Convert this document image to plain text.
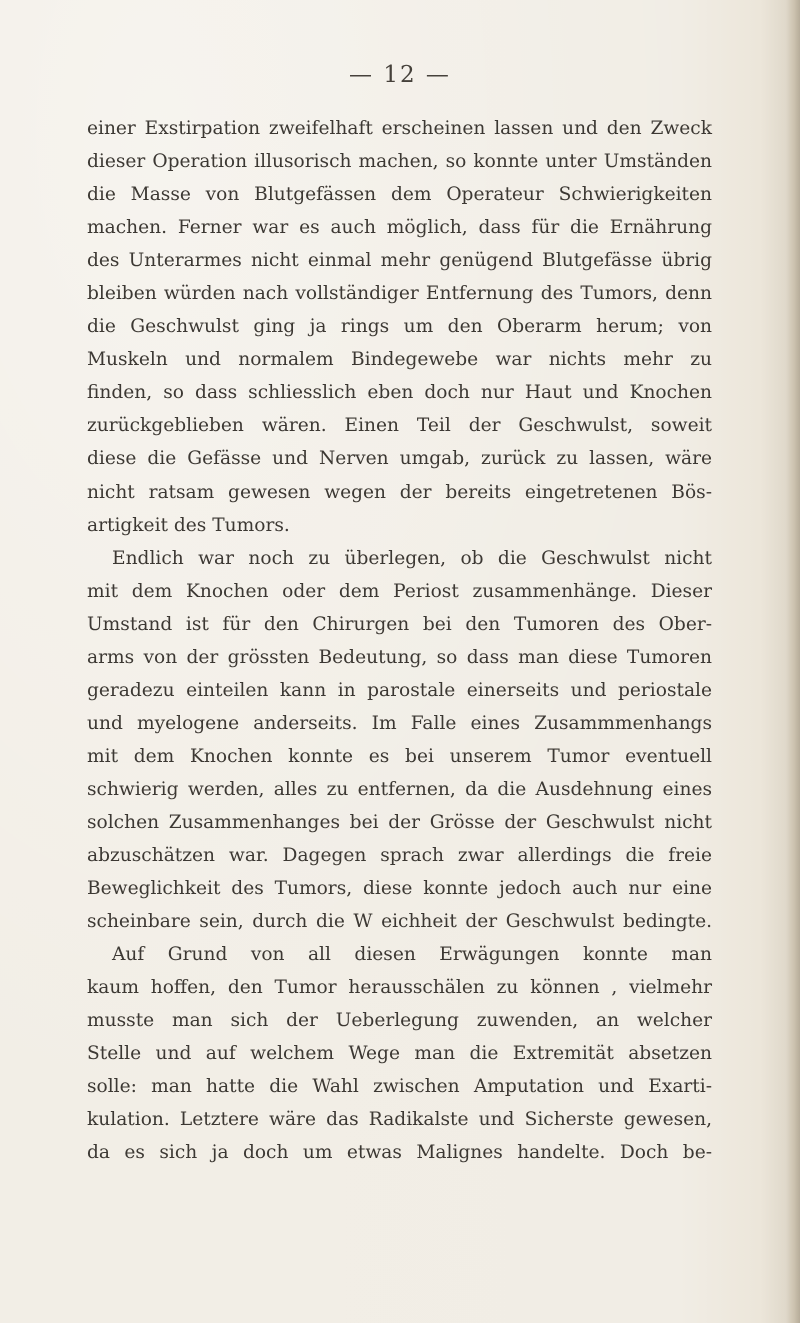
— 12 —
einer Exstirpation zweifelhaft erscheinen lassen und den Zweck
dieser Operation illusorisch machen, so konnte unter Umständen
die Masse von Blutgefässen dem Operateur Schwierigkeiten
machen. Ferner war es auch möglich, dass für die Ernährung
des Unterarmes nicht einmal mehr genügend Blutgefässe übrig
bleiben würden nach vollständiger Entfernung des Tumors, denn
die Geschwulst ging ja rings um den Oberarm herum; von
Muskeln und normalem Bindegewebe war nichts mehr zu
finden, so dass schliesslich eben doch nur Haut und Knochen
zurückgeblieben wären. Einen Teil der Geschwulst, soweit
diese die Gefässe und Nerven umgab, zurück zu lassen, wäre
nicht ratsam gewesen wegen der bereits eingetretenen Bös-
artigkeit des Tumors.
Endlich war noch zu überlegen, ob die Geschwulst nicht
mit dem Knochen oder dem Periost zusammenhänge. Dieser
Umstand ist für den Chirurgen bei den Tumoren des Ober-
arms von der grössten Bedeutung, so dass man diese Tumoren
geradezu einteilen kann in parostale einerseits und periostale
und myelogene anderseits. Im Falle eines Zusammmenhangs
mit dem Knochen konnte es bei unserem Tumor eventuell
schwierig werden, alles zu entfernen, da die Ausdehnung eines
solchen Zusammenhanges bei der Grösse der Geschwulst nicht
abzuschätzen war. Dagegen sprach zwar allerdings die freie
Beweglichkeit des Tumors, diese konnte jedoch auch nur eine
scheinbare sein, durch die W eichheit der Geschwulst bedingte.
Auf Grund von all diesen Erwägungen konnte man
kaum hoffen, den Tumor herausschälen zu können , vielmehr
musste man sich der Ueberlegung zuwenden, an welcher
Stelle und auf welchem Wege man die Extremität absetzen
solle: man hatte die Wahl zwischen Amputation und Exarti-
kulation. Letztere wäre das Radikalste und Sicherste gewesen,
da es sich ja doch um etwas Malignes handelte. Doch be-
